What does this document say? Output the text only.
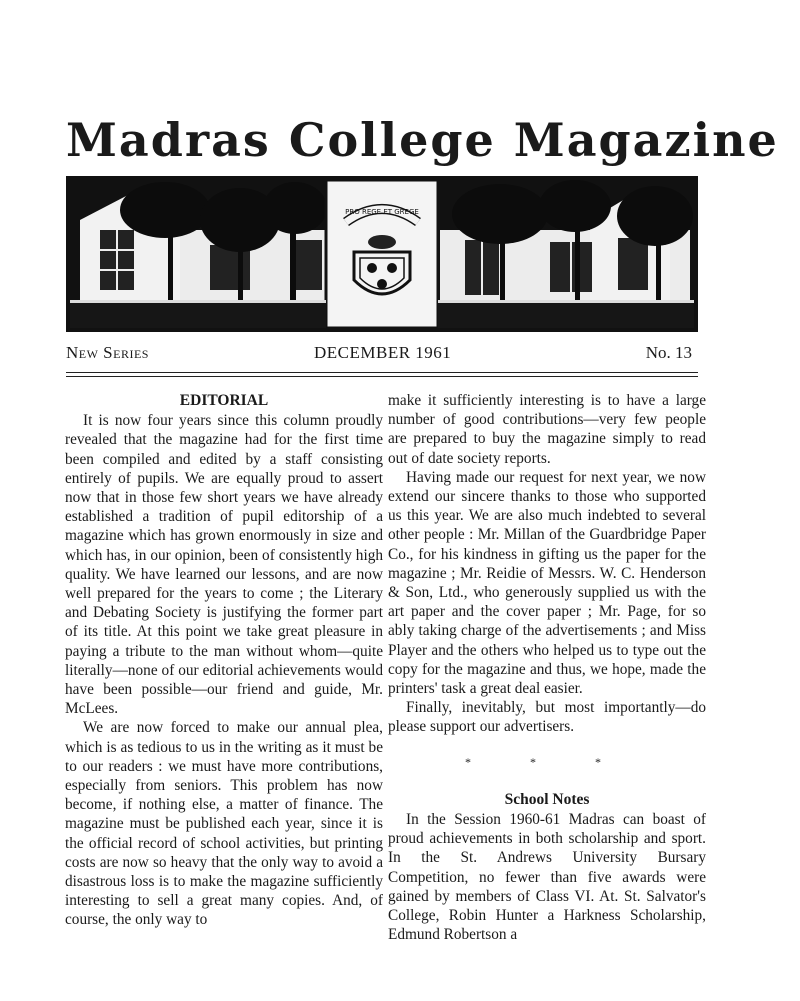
Madras College Magazine
PRO REGE ET GREGE
New Series	DECEMBER 1961	No. 13
EDITORIAL

It is now four years since this column proudly revealed that the magazine had for the first time been compiled and edited by a staff consisting entirely of pupils. We are equally proud to assert now that in those few short years we have already established a tradition of pupil editorship of a magazine which has grown enormously in size and which has, in our opinion, been of consistently high quality. We have learned our lessons, and are now well prepared for the years to come ; the Literary and Debating Society is justifying the former part of its title. At this point we take great pleasure in paying a tribute to the man without whom—quite literally—none of our editorial achievements would have been possible—our friend and guide, Mr. McLees.

We are now forced to make our annual plea, which is as tedious to us in the writing as it must be to our readers : we must have more contributions, especially from seniors. This problem has now become, if nothing else, a matter of finance. The magazine must be published each year, since it is the official record of school activities, but printing costs are now so heavy that the only way to avoid a disastrous loss is to make the magazine sufficiently interesting to sell a great many copies. And, of course, the only way to

make it sufficiently interesting is to have a large number of good contributions—very few people are prepared to buy the magazine simply to read out of date society reports.

Having made our request for next year, we now extend our sincere thanks to those who supported us this year. We are also much indebted to several other people : Mr. Millan of the Guardbridge Paper Co., for his kindness in gifting us the paper for the magazine ; Mr. Reidie of Messrs. W. C. Henderson & Son, Ltd., who generously supplied us with the art paper and the cover paper ; Mr. Page, for so ably taking charge of the advertisements ; and Miss Player and the others who helped us to type out the copy for the magazine and thus, we hope, made the printers' task a great deal easier.

Finally, inevitably, but most importantly—do please support our advertisers.

* * *
School Notes

In the Session 1960-61 Madras can boast of proud achievements in both scholarship and sport. In the St. Andrews University Bursary Competition, no fewer than five awards were gained by members of Class VI. At. St. Salvator's College, Robin Hunter a Harkness Scholarship, Edmund Robertson a
